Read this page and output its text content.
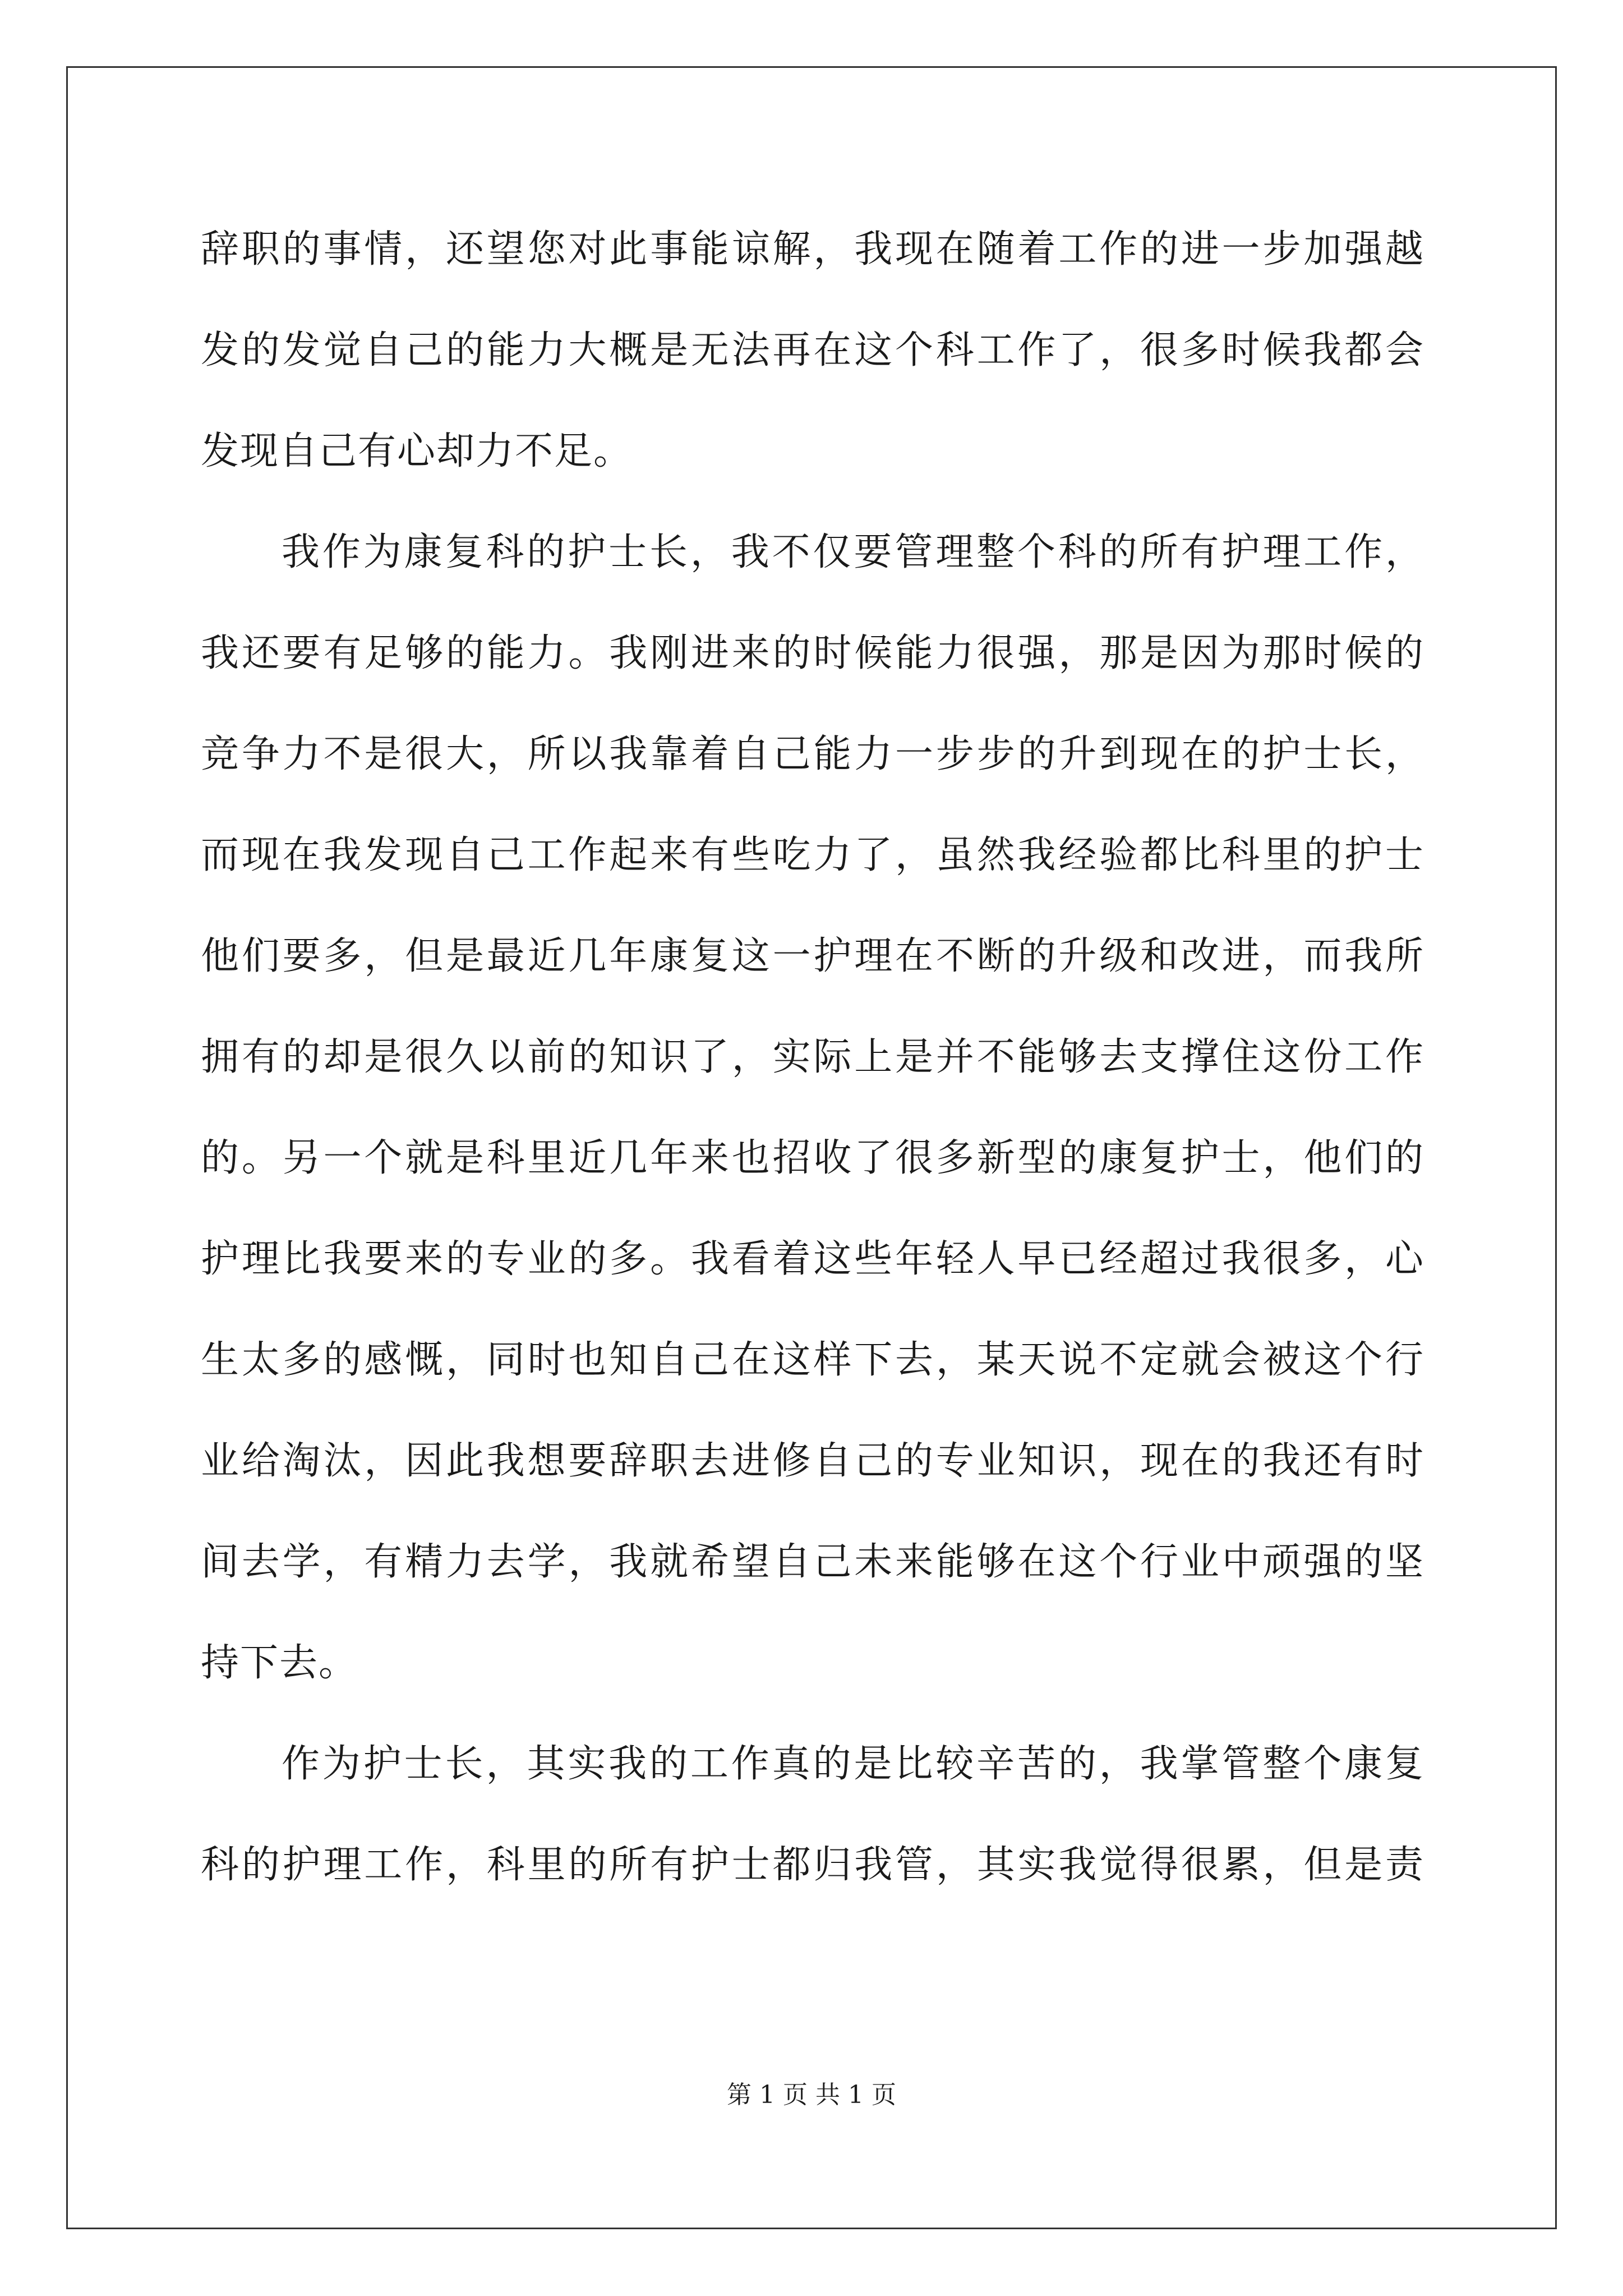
辞职的事情，还望您对此事能谅解，我现在随着工作的进一步加强越
发的发觉自己的能力大概是无法再在这个科工作了，很多时候我都会
发现自己有心却力不足。
我作为康复科的护士长，我不仅要管理整个科的所有护理工作，
我还要有足够的能力。我刚进来的时候能力很强，那是因为那时候的
竞争力不是很大，所以我靠着自己能力一步步的升到现在的护士长，
而现在我发现自己工作起来有些吃力了，虽然我经验都比科里的护士
他们要多，但是最近几年康复这一护理在不断的升级和改进，而我所
拥有的却是很久以前的知识了，实际上是并不能够去支撑住这份工作
的。另一个就是科里近几年来也招收了很多新型的康复护士，他们的
护理比我要来的专业的多。我看着这些年轻人早已经超过我很多，心
生太多的感慨，同时也知自己在这样下去，某天说不定就会被这个行
业给淘汰，因此我想要辞职去进修自己的专业知识，现在的我还有时
间去学，有精力去学，我就希望自己未来能够在这个行业中顽强的坚
持下去。
作为护士长，其实我的工作真的是比较辛苦的，我掌管整个康复
科的护理工作，科里的所有护士都归我管，其实我觉得很累，但是责
第 1 页 共 1 页
